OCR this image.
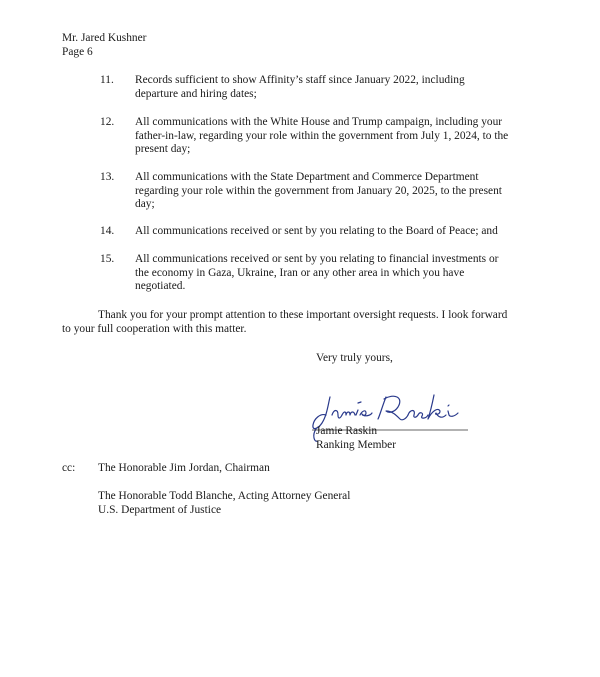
Mr. Jared Kushner
Page 6
11. Records sufficient to show Affinity’s staff since January 2022, including
departure and hiring dates;
12. All communications with the White House and Trump campaign, including your
father-in-law, regarding your role within the government from July 1, 2024, to the
present day;
13. All communications with the State Department and Commerce Department
regarding your role within the government from January 20, 2025, to the present
day;
14. All communications received or sent by you relating to the Board of Peace; and
15. All communications received or sent by you relating to financial investments or
the economy in Gaza, Ukraine, Iran or any other area in which you have
negotiated.
Thank you for your prompt attention to these important oversight requests. I look forward
to your full cooperation with this matter.
Very truly yours,
Jamie Raskin
Ranking Member
cc: The Honorable Jim Jordan, Chairman
The Honorable Todd Blanche, Acting Attorney General
U.S. Department of Justice
